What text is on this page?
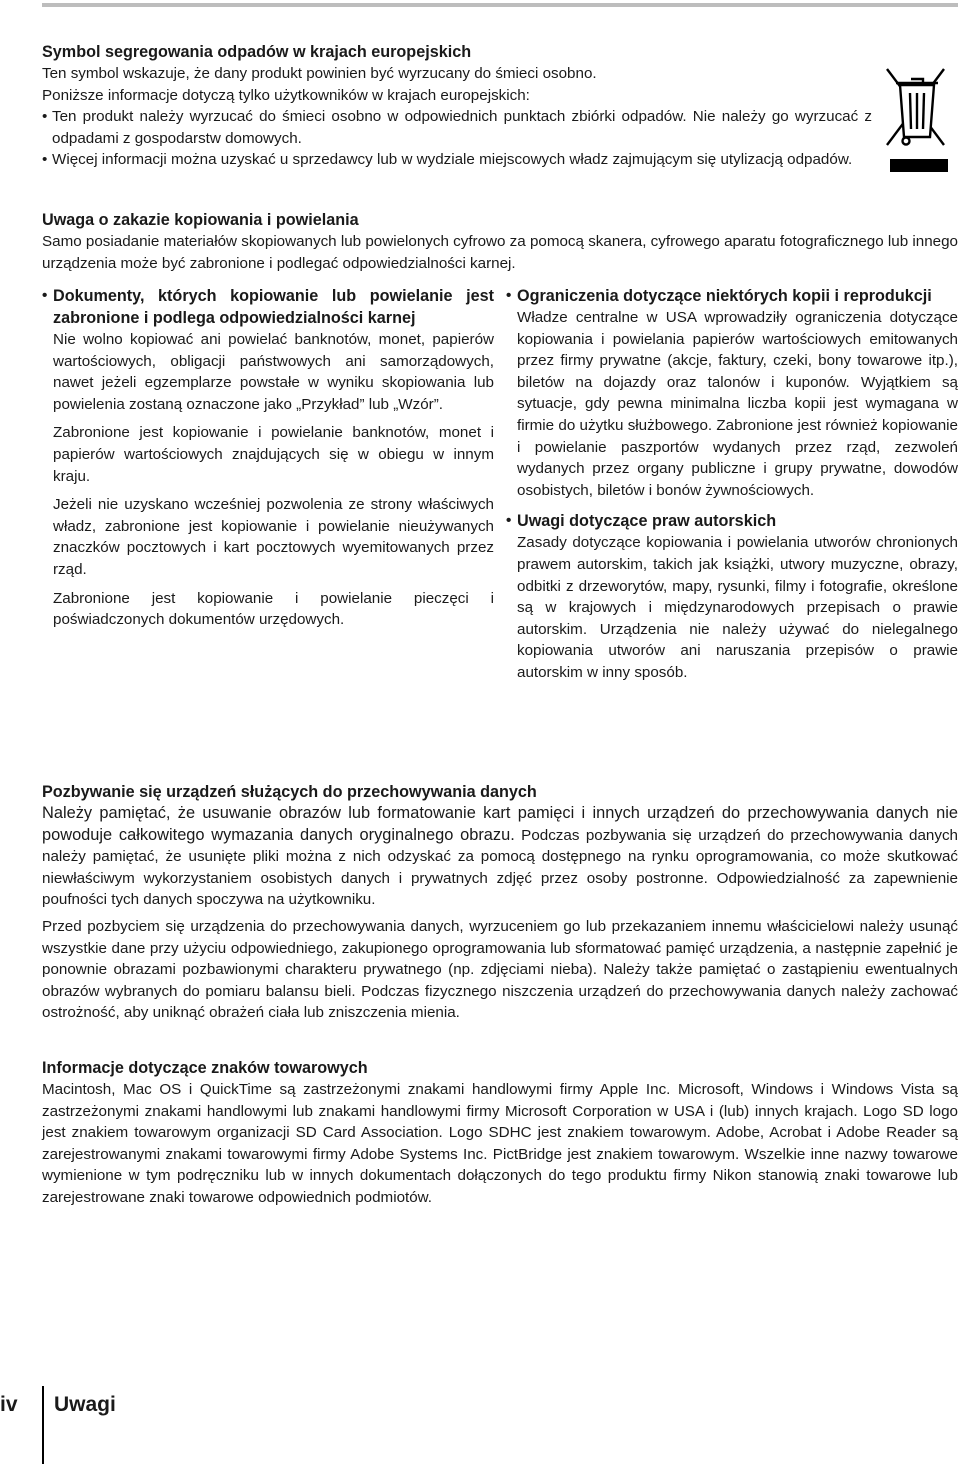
Symbol segregowania odpadów w krajach europejskich
Ten symbol wskazuje, że dany produkt powinien być wyrzucany do śmieci osobno.
Poniższe informacje dotyczą tylko użytkowników w krajach europejskich:
• Ten produkt należy wyrzucać do śmieci osobno w odpowiednich punktach zbiórki odpadów. Nie należy go wyrzucać z odpadami z gospodarstw domowych.
• Więcej informacji można uzyskać u sprzedawcy lub w wydziale miejscowych władz zajmującym się utylizacją odpadów.
Uwaga o zakazie kopiowania i powielania
Samo posiadanie materiałów skopiowanych lub powielonych cyfrowo za pomocą skanera, cyfrowego aparatu fotograficznego lub innego urządzenia może być zabronione i podlegać odpowiedzialności karnej.
• Dokumenty, których kopiowanie lub powielanie jest zabronione i podlega odpowiedzialności karnej
Nie wolno kopiować ani powielać banknotów, monet, papierów wartościowych, obligacji państwowych ani samorządowych, nawet jeżeli egzemplarze powstałe w wyniku skopiowania lub powielenia zostaną oznaczone jako „Przykład” lub „Wzór”.
Zabronione jest kopiowanie i powielanie banknotów, monet i papierów wartościowych znajdujących się w obiegu w innym kraju.
Jeżeli nie uzyskano wcześniej pozwolenia ze strony właściwych władz, zabronione jest kopiowanie i powielanie nieużywanych znaczków pocztowych i kart pocztowych wyemitowanych przez rząd.
Zabronione jest kopiowanie i powielanie pieczęci i poświadczonych dokumentów urzędowych.
• Ograniczenia dotyczące niektórych kopii i reprodukcji
Władze centralne w USA wprowadziły ograniczenia dotyczące kopiowania i powielania papierów wartościowych emitowanych przez firmy prywatne (akcje, faktury, czeki, bony towarowe itp.), biletów na dojazdy oraz talonów i kuponów. Wyjątkiem są sytuacje, gdy pewna minimalna liczba kopii jest wymagana w firmie do użytku służbowego. Zabronione jest również kopiowanie i powielanie paszportów wydanych przez rząd, zezwoleń wydanych przez organy publiczne i grupy prywatne, dowodów osobistych, biletów i bonów żywnościowych.
• Uwagi dotyczące praw autorskich
Zasady dotyczące kopiowania i powielania utworów chronionych prawem autorskim, takich jak książki, utwory muzyczne, obrazy, odbitki z drzeworytów, mapy, rysunki, filmy i fotografie, określone są w krajowych i międzynarodowych przepisach o prawie autorskim. Urządzenia nie należy używać do nielegalnego kopiowania utworów ani naruszania przepisów o prawie autorskim w inny sposób.
Pozbywanie się urządzeń służących do przechowywania danych
Należy pamiętać, że usuwanie obrazów lub formatowanie kart pamięci i innych urządzeń do przechowywania danych nie powoduje całkowitego wymazania danych oryginalnego obrazu. Podczas pozbywania się urządzeń do przechowywania danych należy pamiętać, że usunięte pliki można z nich odzyskać za pomocą dostępnego na rynku oprogramowania, co może skutkować niewłaściwym wykorzystaniem osobistych danych i prywatnych zdjęć przez osoby postronne. Odpowiedzialność za zapewnienie poufności tych danych spoczywa na użytkowniku.
Przed pozbyciem się urządzenia do przechowywania danych, wyrzuceniem go lub przekazaniem innemu właścicielowi należy usunąć wszystkie dane przy użyciu odpowiedniego, zakupionego oprogramowania lub sformatować pamięć urządzenia, a następnie zapełnić je ponownie obrazami pozbawionymi charakteru prywatnego (np. zdjęciami nieba). Należy także pamiętać o zastąpieniu ewentualnych obrazów wybranych do pomiaru balansu bieli. Podczas fizycznego niszczenia urządzeń do przechowywania danych należy zachować ostrożność, aby uniknąć obrażeń ciała lub zniszczenia mienia.
Informacje dotyczące znaków towarowych
Macintosh, Mac OS i QuickTime są zastrzeżonymi znakami handlowymi firmy Apple Inc. Microsoft, Windows i Windows Vista są zastrzeżonymi znakami handlowymi lub znakami handlowymi firmy Microsoft Corporation w USA i (lub) innych krajach. Logo SD logo jest znakiem towarowym organizacji SD Card Association. Logo SDHC jest znakiem towarowym. Adobe, Acrobat i Adobe Reader są zarejestrowanymi znakami towarowymi firmy Adobe Systems Inc. PictBridge jest znakiem towarowym. Wszelkie inne nazwy towarowe wymienione w tym podręczniku lub w innych dokumentach dołączonych do tego produktu firmy Nikon stanowią znaki towarowe lub zarejestrowane znaki towarowe odpowiednich podmiotów.
iv Uwagi
